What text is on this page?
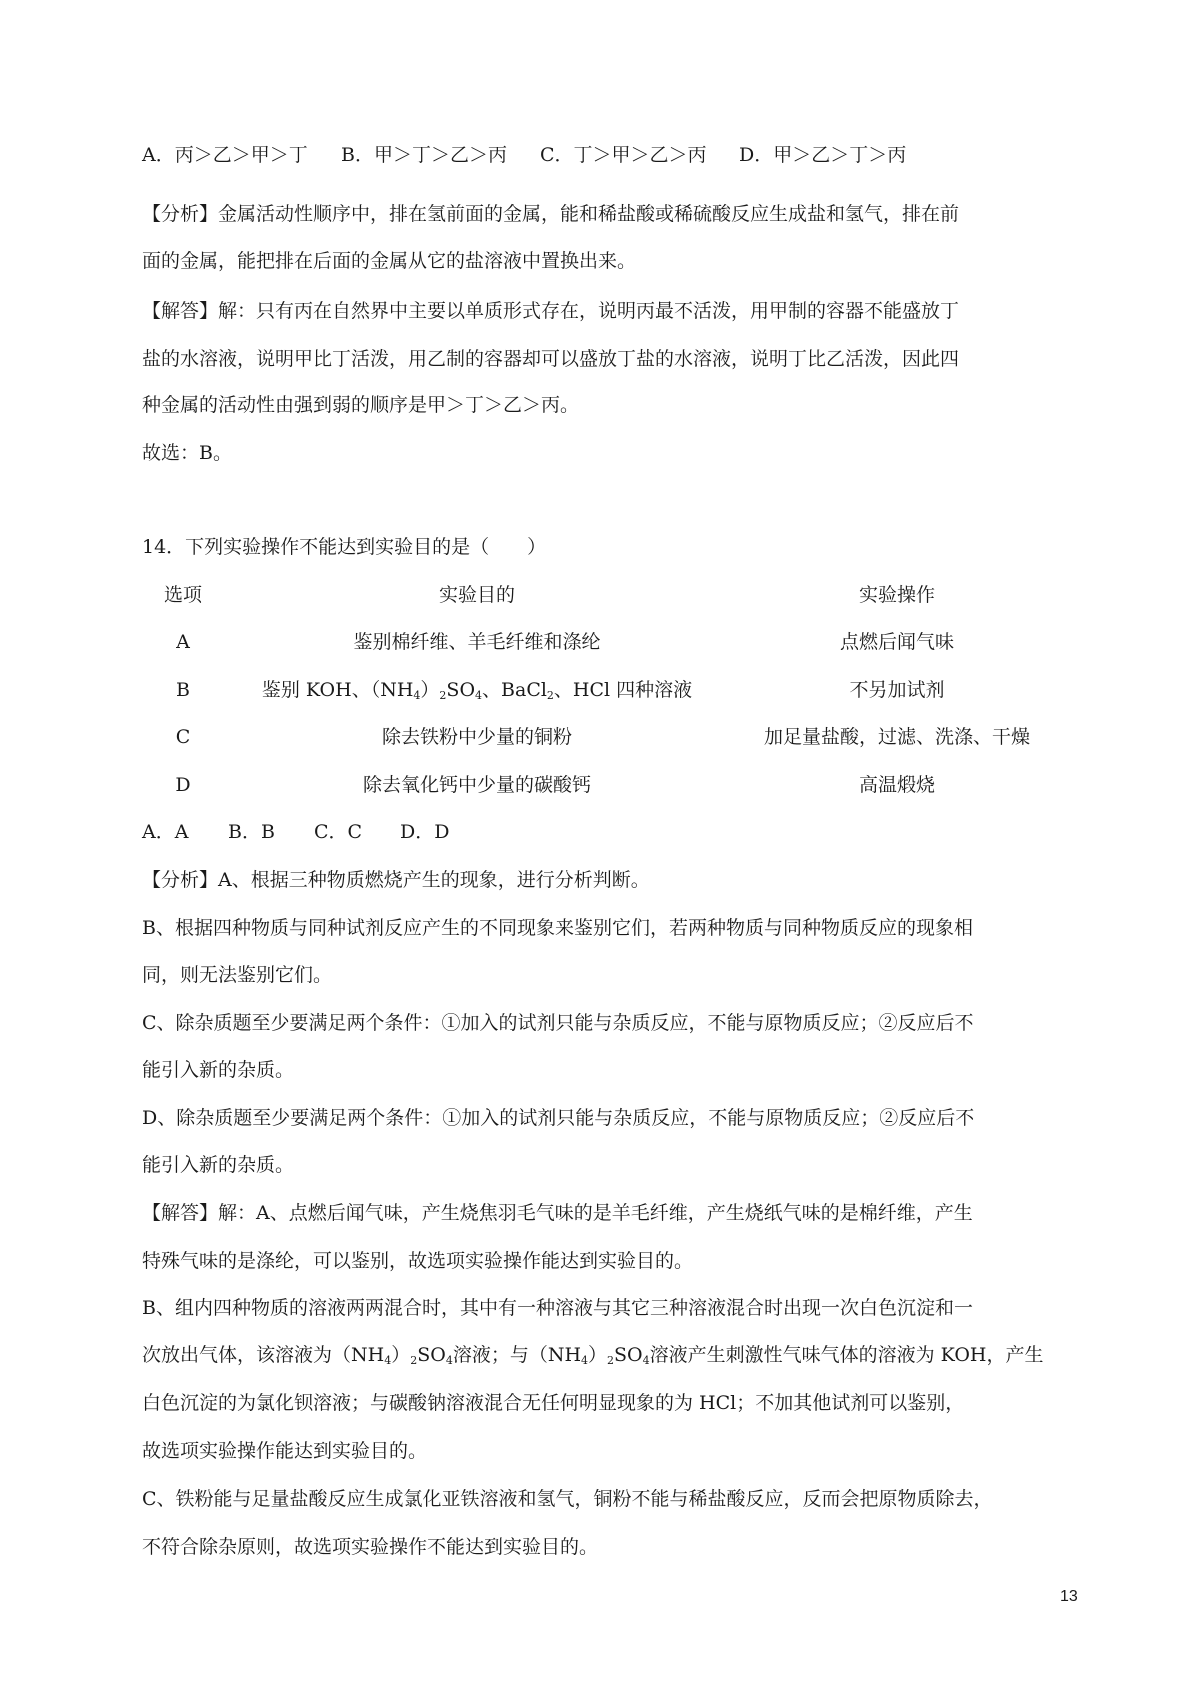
A．丙＞乙＞甲＞丁 B．甲＞丁＞乙＞丙 C．丁＞甲＞乙＞丙 D．甲＞乙＞丁＞丙
【分析】金属活动性顺序中，排在氢前面的金属，能和稀盐酸或稀硫酸反应生成盐和氢气，排在前
面的金属，能把排在后面的金属从它的盐溶液中置换出来。
【解答】解：只有丙在自然界中主要以单质形式存在，说明丙最不活泼，用甲制的容器不能盛放丁
盐的水溶液，说明甲比丁活泼，用乙制的容器却可以盛放丁盐的水溶液，说明丁比乙活泼，因此四
种金属的活动性由强到弱的顺序是甲＞丁＞乙＞丙。
故选：B。
14．下列实验操作不能达到实验目的是（　　）
选项	实验目的	实验操作
A	鉴别棉纤维、羊毛纤维和涤纶	点燃后闻气味
B	鉴别 KOH、$(NH_4)_2SO_4$、BaCl$_2$、HCl 四种溶液	不另加试剂
C	除去铁粉中少量的铜粉	加足量盐酸，过滤、洗涤、干燥
D	除去氧化钙中少量的碳酸钙	高温煅烧
A．A B．B C．C D．D
【分析】A、根据三种物质燃烧产生的现象，进行分析判断。
B、根据四种物质与同种试剂反应产生的不同现象来鉴别它们，若两种物质与同种物质反应的现象相
同，则无法鉴别它们。
C、除杂质题至少要满足两个条件：①加入的试剂只能与杂质反应，不能与原物质反应；②反应后不
能引入新的杂质。
D、除杂质题至少要满足两个条件：①加入的试剂只能与杂质反应，不能与原物质反应；②反应后不
能引入新的杂质。
【解答】解：A、点燃后闻气味，产生烧焦羽毛气味的是羊毛纤维，产生烧纸气味的是棉纤维，产生
特殊气味的是涤纶，可以鉴别，故选项实验操作能达到实验目的。
B、组内四种物质的溶液两两混合时，其中有一种溶液与其它三种溶液混合时出现一次白色沉淀和一
次放出气体，该溶液为$(NH_4)_2SO_4$溶液；与$(NH_4)_2SO_4$溶液产生刺激性气味气体的溶液为 KOH，产生
白色沉淀的为氯化钡溶液；与碳酸钠溶液混合无任何明显现象的为 HCl；不加其他试剂可以鉴别，
故选项实验操作能达到实验目的。
C、铁粉能与足量盐酸反应生成氯化亚铁溶液和氢气，铜粉不能与稀盐酸反应，反而会把原物质除去，
不符合除杂原则，故选项实验操作不能达到实验目的。
13
